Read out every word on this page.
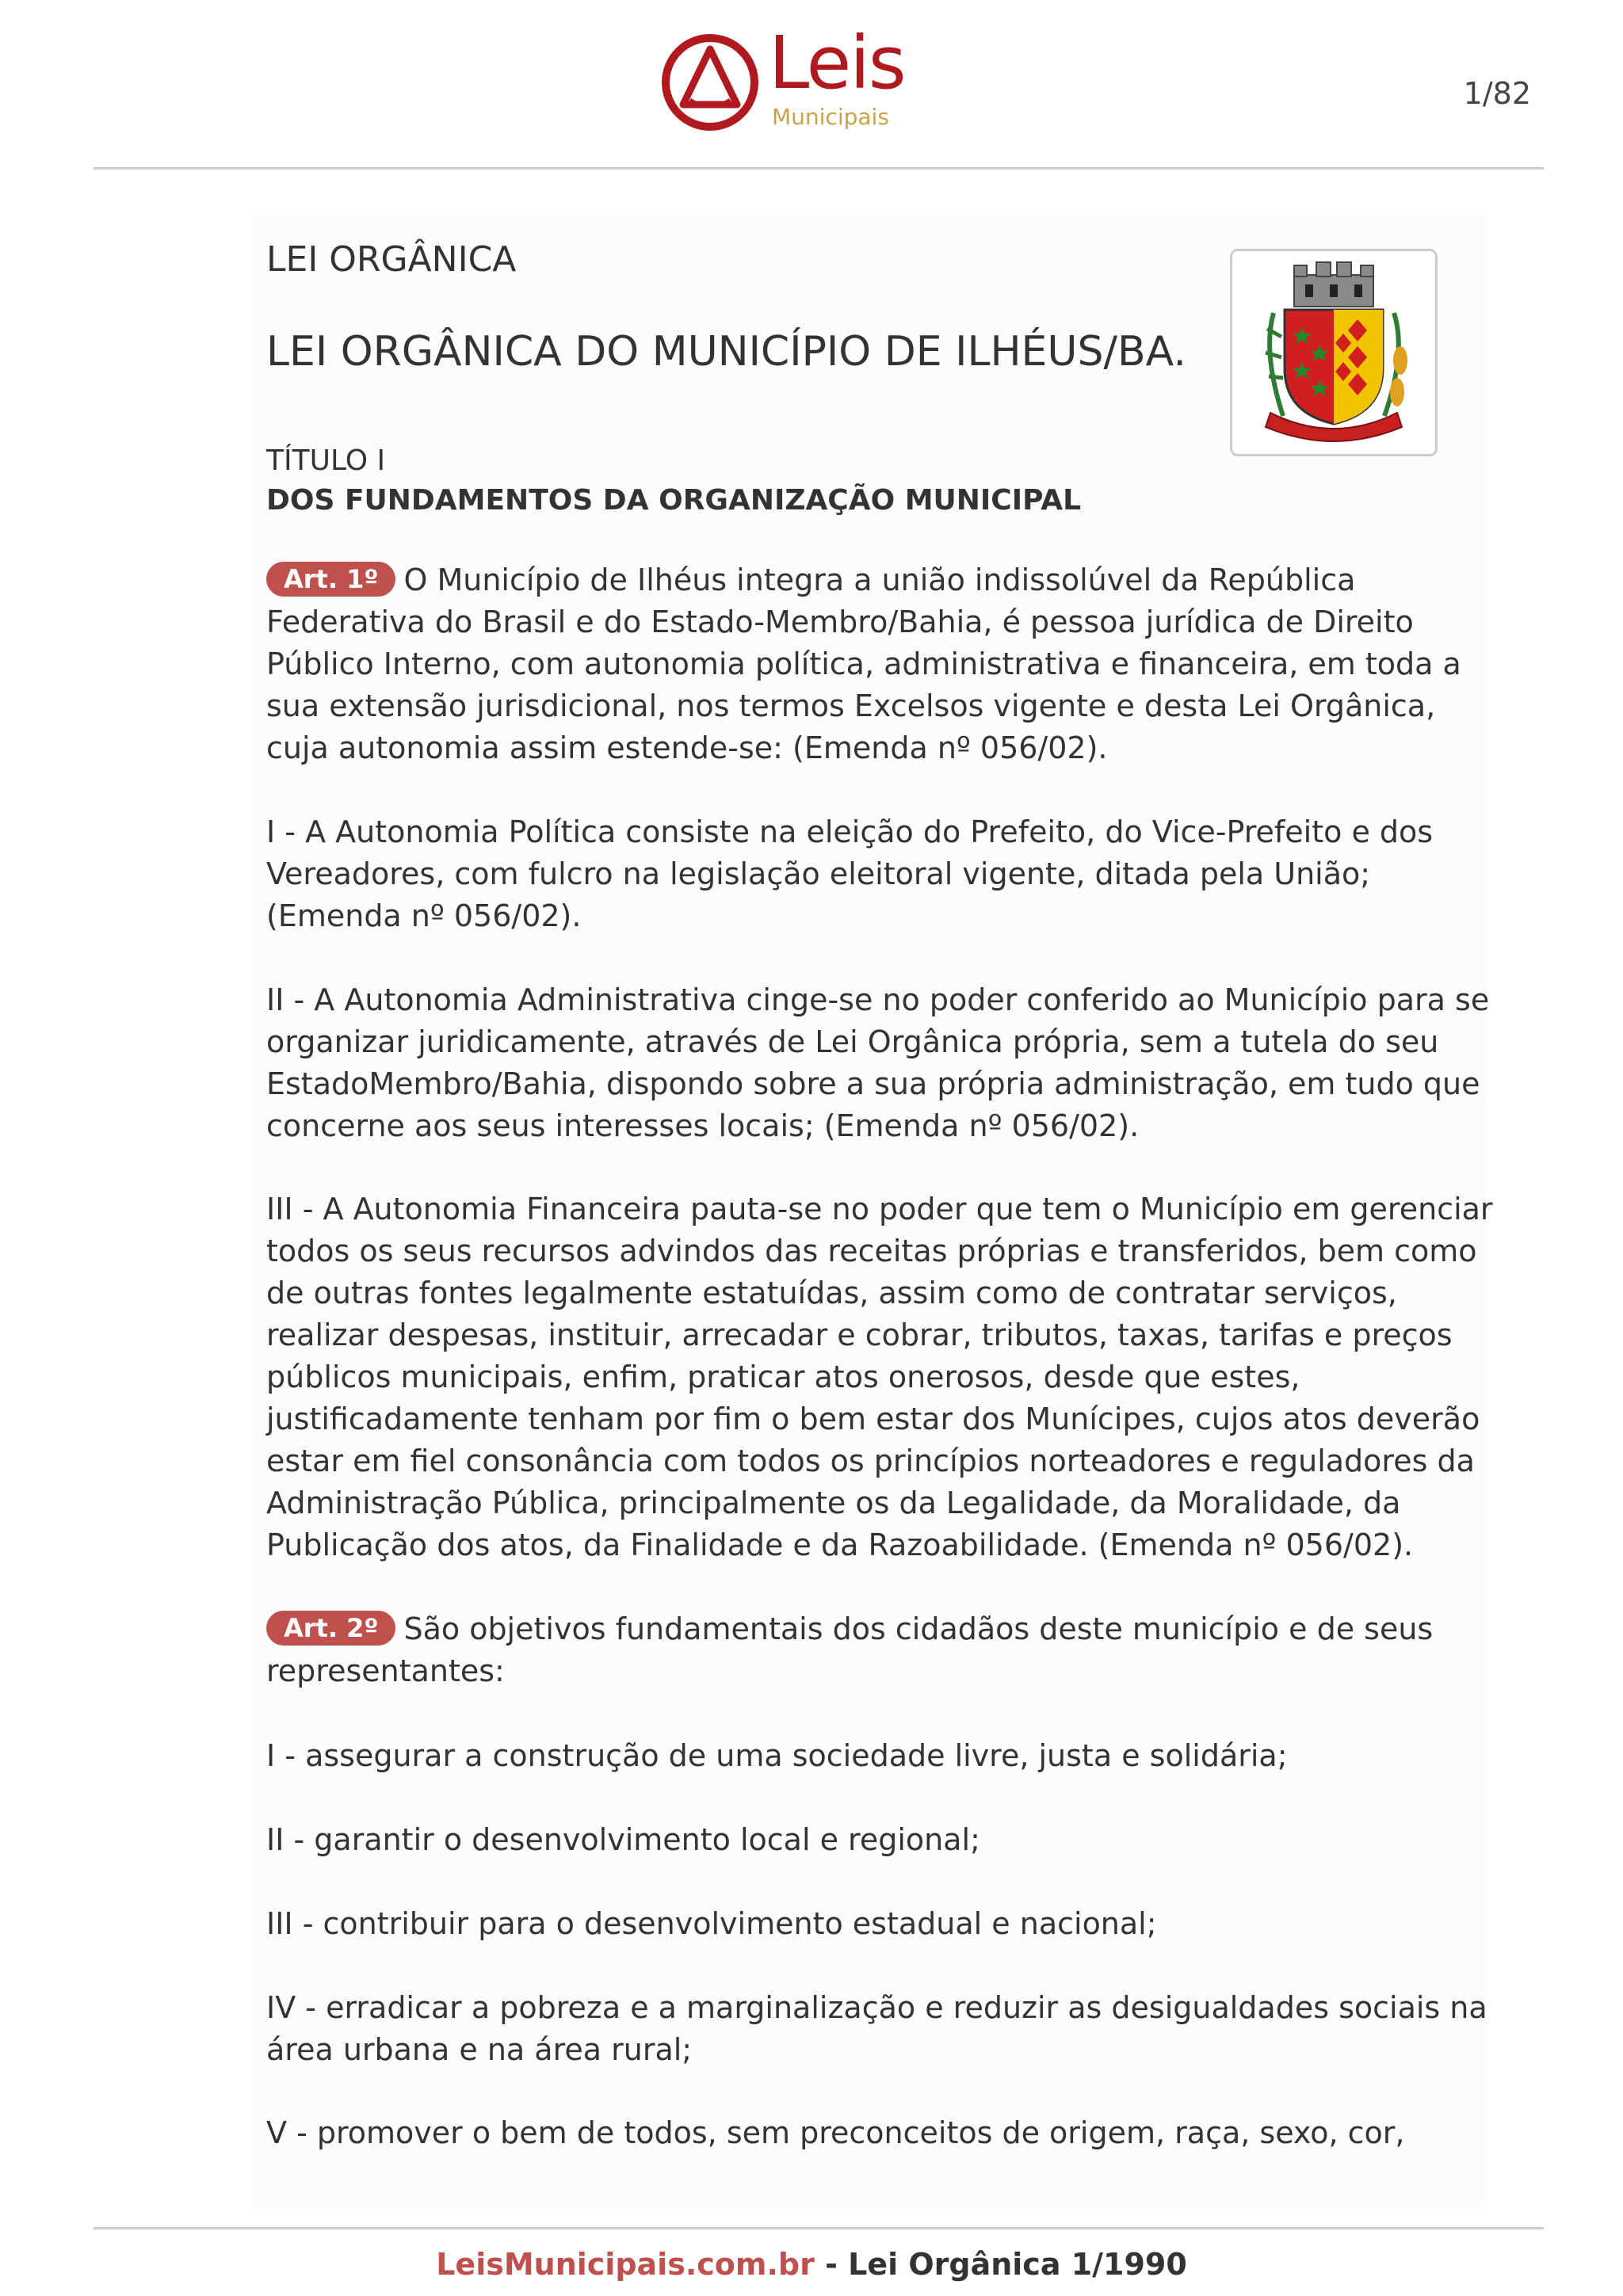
Leis
Municipais
1/82
LEI ORGÂNICA
LEI ORGÂNICA DO MUNICÍPIO DE ILHÉUS/BA.
TÍTULO I
DOS FUNDAMENTOS DA ORGANIZAÇÃO MUNICIPAL

Art. 1º O Município de Ilhéus integra a união indissolúvel da República Federativa do Brasil e do Estado-Membro/Bahia, é pessoa jurídica de Direito Público Interno, com autonomia política, administrativa e financeira, em toda a sua extensão jurisdicional, nos termos Excelsos vigente e desta Lei Orgânica, cuja autonomia assim estende-se: (Emenda nº 056/02).

I - A Autonomia Política consiste na eleição do Prefeito, do Vice-Prefeito e dos Vereadores, com fulcro na legislação eleitoral vigente, ditada pela União; (Emenda nº 056/02).

II - A Autonomia Administrativa cinge-se no poder conferido ao Município para se organizar juridicamente, através de Lei Orgânica própria, sem a tutela do seu EstadoMembro/Bahia, dispondo sobre a sua própria administração, em tudo que concerne aos seus interesses locais; (Emenda nº 056/02).

III - A Autonomia Financeira pauta-se no poder que tem o Município em gerenciar todos os seus recursos advindos das receitas próprias e transferidos, bem como de outras fontes legalmente estatuídas, assim como de contratar serviços, realizar despesas, instituir, arrecadar e cobrar, tributos, taxas, tarifas e preços públicos municipais, enfim, praticar atos onerosos, desde que estes, justificadamente tenham por fim o bem estar dos Munícipes, cujos atos deverão estar em fiel consonância com todos os princípios norteadores e reguladores da Administração Pública, principalmente os da Legalidade, da Moralidade, da Publicação dos atos, da Finalidade e da Razoabilidade. (Emenda nº 056/02).

Art. 2º São objetivos fundamentais dos cidadãos deste município e de seus representantes:

I - assegurar a construção de uma sociedade livre, justa e solidária;

II - garantir o desenvolvimento local e regional;

III - contribuir para o desenvolvimento estadual e nacional;

IV - erradicar a pobreza e a marginalização e reduzir as desigualdades sociais na área urbana e na área rural;

V - promover o bem de todos, sem preconceitos de origem, raça, sexo, cor,

LeisMunicipais.com.br - Lei Orgânica 1/1990
